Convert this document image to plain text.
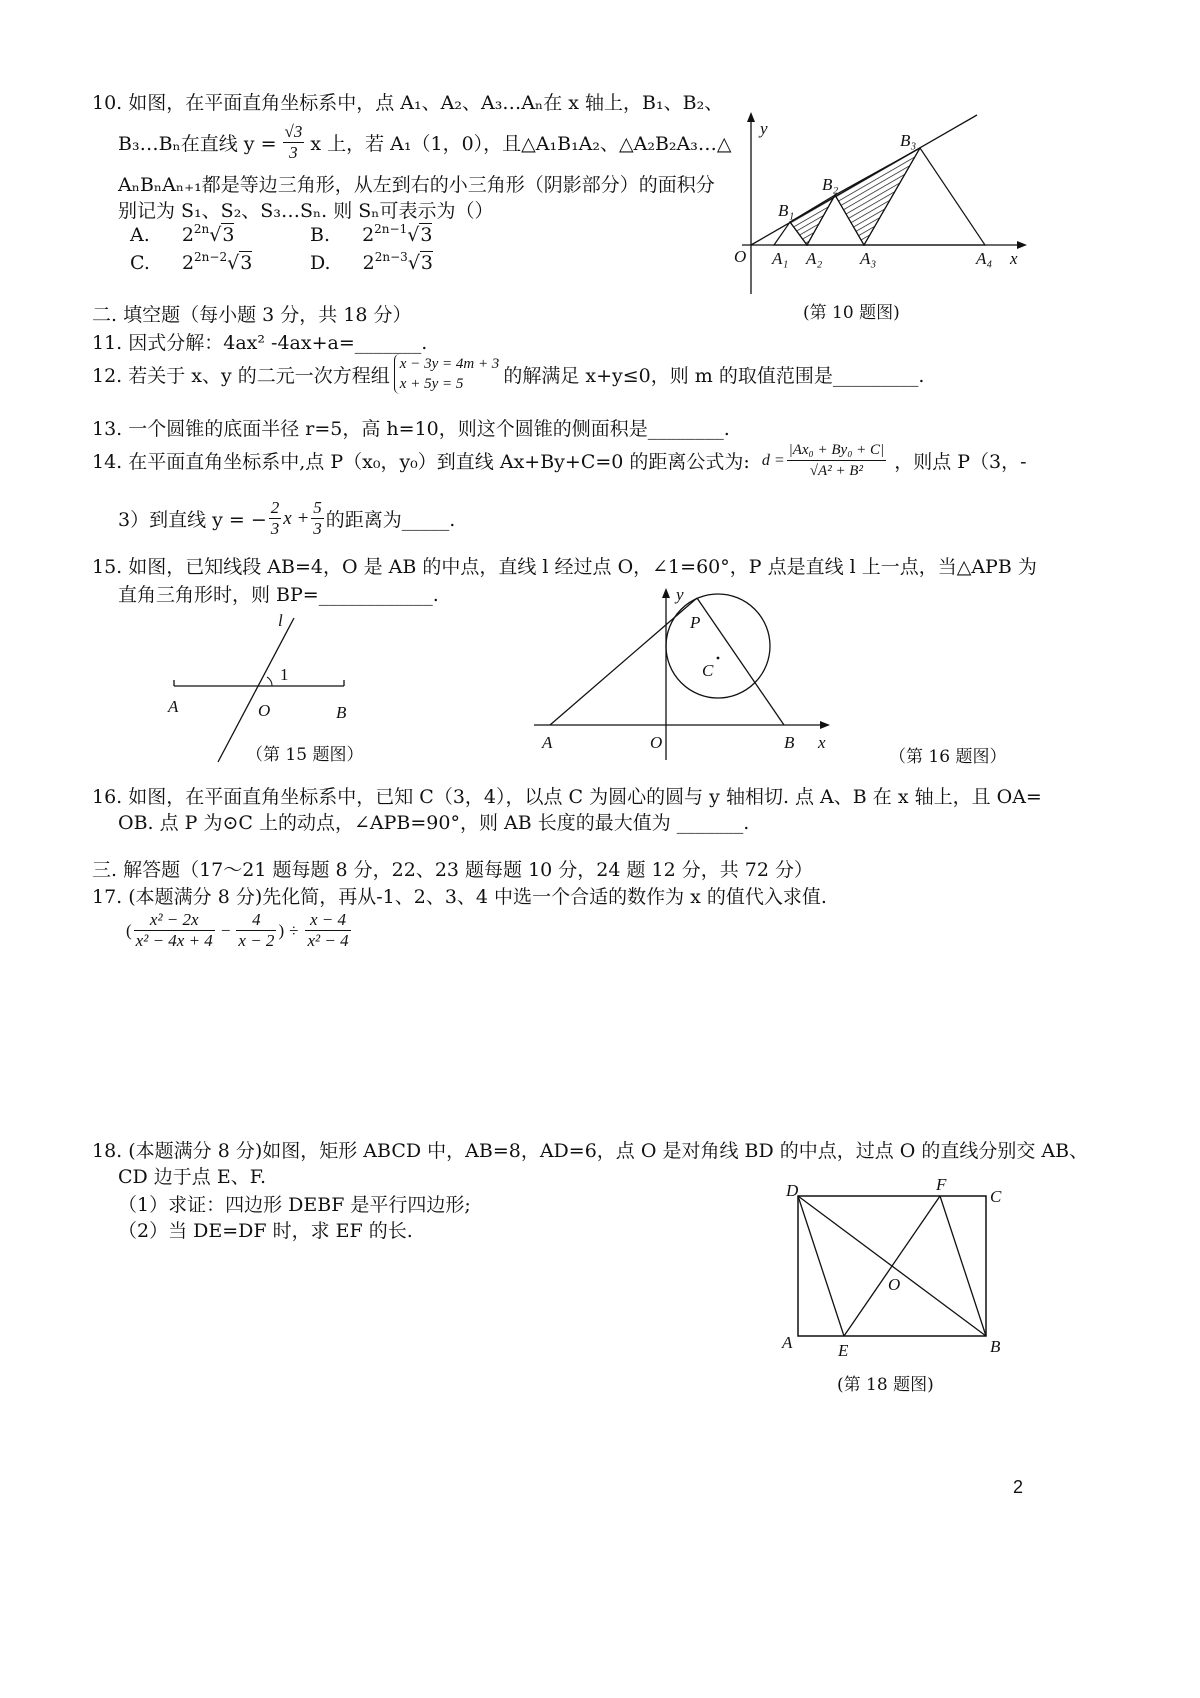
10. 如图，在平面直角坐标系中，点 A₁、A₂、A₃…Aₙ在 x 轴上，B₁、B₂、
B₃…Bₙ在直线 $y = \frac{√3}{3}$ x 上，若 A₁（1，0），且△A₁B₁A₂、△A₂B₂A₃…△
AₙBₙAₙ₊₁都是等边三角形，从左到右的小三角形（阴影部分）的面积分
别记为 S₁、S₂、S₃…Sₙ. 则 Sₙ可表示为（）
A. $2^{2n}√3$	B. $2^{2n-1}√3$
C. $2^{2n-2}√3$	D. $2^{2n-3}√3$
y
x
O A₁ A₂ A₃	A₄
B₁
B₂
B₃
(第 10 题图)
二. 填空题（每小题 3 分，共 18 分）
11. 因式分解：4ax² -4ax+a=_______.
12. 若关于 x、y 的二元一次方程组
x − 3y = 4m + 3
x + 5y = 5	的解满足 x+y≤0，则 m 的取值范围是_________.
13. 一个圆锥的底面半径 r=5，高 h=10，则这个圆锥的侧面积是________.
14. 在平面直角坐标系中,点 P（x₀，y₀）到直线 Ax+By+C=0 的距离公式为: $d = \frac{\text{|Ax₀ + By₀ + C|}}{\text{√A² + B²}}$ ，则点 P（3，-
3）到直线 y = − $\frac{2}{3}$ $x + \frac{5}{3}$ 的距离为_____.
15. 如图，已知线段 AB=4，O 是 AB 的中点，直线 l 经过点 O，∠1=60°，P 点是直线 l 上一点，当△APB 为
直角三角形时，则 BP=____________.
l
1
A	O	B
（第 15 题图）
y
x
P
C
A	O	B
（第 16 题图）
16. 如图，在平面直角坐标系中，已知 C（3，4），以点 C 为圆心的圆与 y 轴相切. 点 A、B 在 x 轴上，且 OA=
OB. 点 P 为⊙C 上的动点，∠APB=90°，则 AB 长度的最大值为 _______.
三. 解答题（17～21 题每题 8 分，22、23 题每题 10 分，24 题 12 分，共 72 分）
17. (本题满分 8 分)先化简，再从-1、2、3、4 中选一个合适的数作为 x 的值代入求值.
( $\frac{\text{x² − 2x}}{\text{x² − 4x + 4}} - \frac{4}{x - 2}$ ) ÷ $\frac{x - 4}{\text{x² − 4}}$
18. (本题满分 8 分)如图，矩形 ABCD 中，AB=8，AD=6，点 O 是对角线 BD 的中点，过点 O 的直线分别交 AB、
CD 边于点 E、F.
（1）求证：四边形 DEBF 是平行四边形;
（2）当 DE=DF 时，求 EF 的长.
D	F
C
O
A	E	B
(第 18 题图)
2
